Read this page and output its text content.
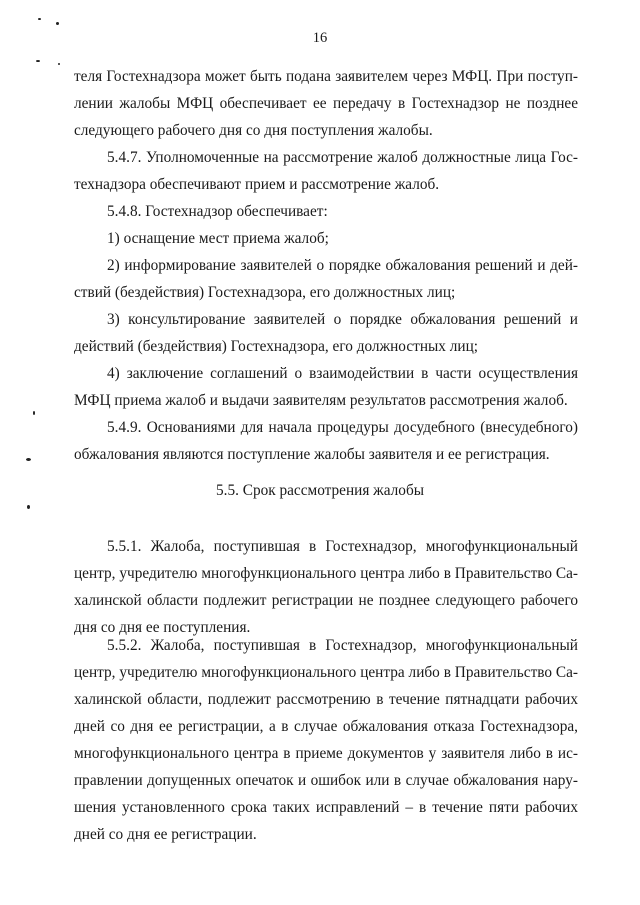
16

теля Гостехнадзора может быть подана заявителем через МФЦ. При поступ-
лении жалобы МФЦ обеспечивает ее передачу в Гостехнадзор не позднее
следующего рабочего дня со дня поступления жалобы.

5.4.7. Уполномоченные на рассмотрение жалоб должностные лица Гос-
технадзора обеспечивают прием и рассмотрение жалоб.

5.4.8. Гостехнадзор обеспечивает:

1) оснащение мест приема жалоб;

2) информирование заявителей о порядке обжалования решений и дей-
ствий (бездействия) Гостехнадзора, его должностных лиц;

3) консультирование заявителей о порядке обжалования решений и
действий (бездействия) Гостехнадзора, его должностных лиц;

4) заключение соглашений о взаимодействии в части осуществления
МФЦ приема жалоб и выдачи заявителям результатов рассмотрения жалоб.

5.4.9. Основаниями для начала процедуры досудебного (внесудебного)
обжалования являются поступление жалобы заявителя и ее регистрация.

5.5. Срок рассмотрения жалобы

5.5.1. Жалоба, поступившая в Гостехнадзор, многофункциональный
центр, учредителю многофункционального центра либо в Правительство Са-
халинской области подлежит регистрации не позднее следующего рабочего
дня со дня ее поступления.

5.5.2. Жалоба, поступившая в Гостехнадзор, многофункциональный
центр, учредителю многофункционального центра либо в Правительство Са-
халинской области, подлежит рассмотрению в течение пятнадцати рабочих
дней со дня ее регистрации, а в случае обжалования отказа Гостехнадзора,
многофункционального центра в приеме документов у заявителя либо в ис-
правлении допущенных опечаток и ошибок или в случае обжалования нару-
шения установленного срока таких исправлений – в течение пяти рабочих
дней со дня ее регистрации.
